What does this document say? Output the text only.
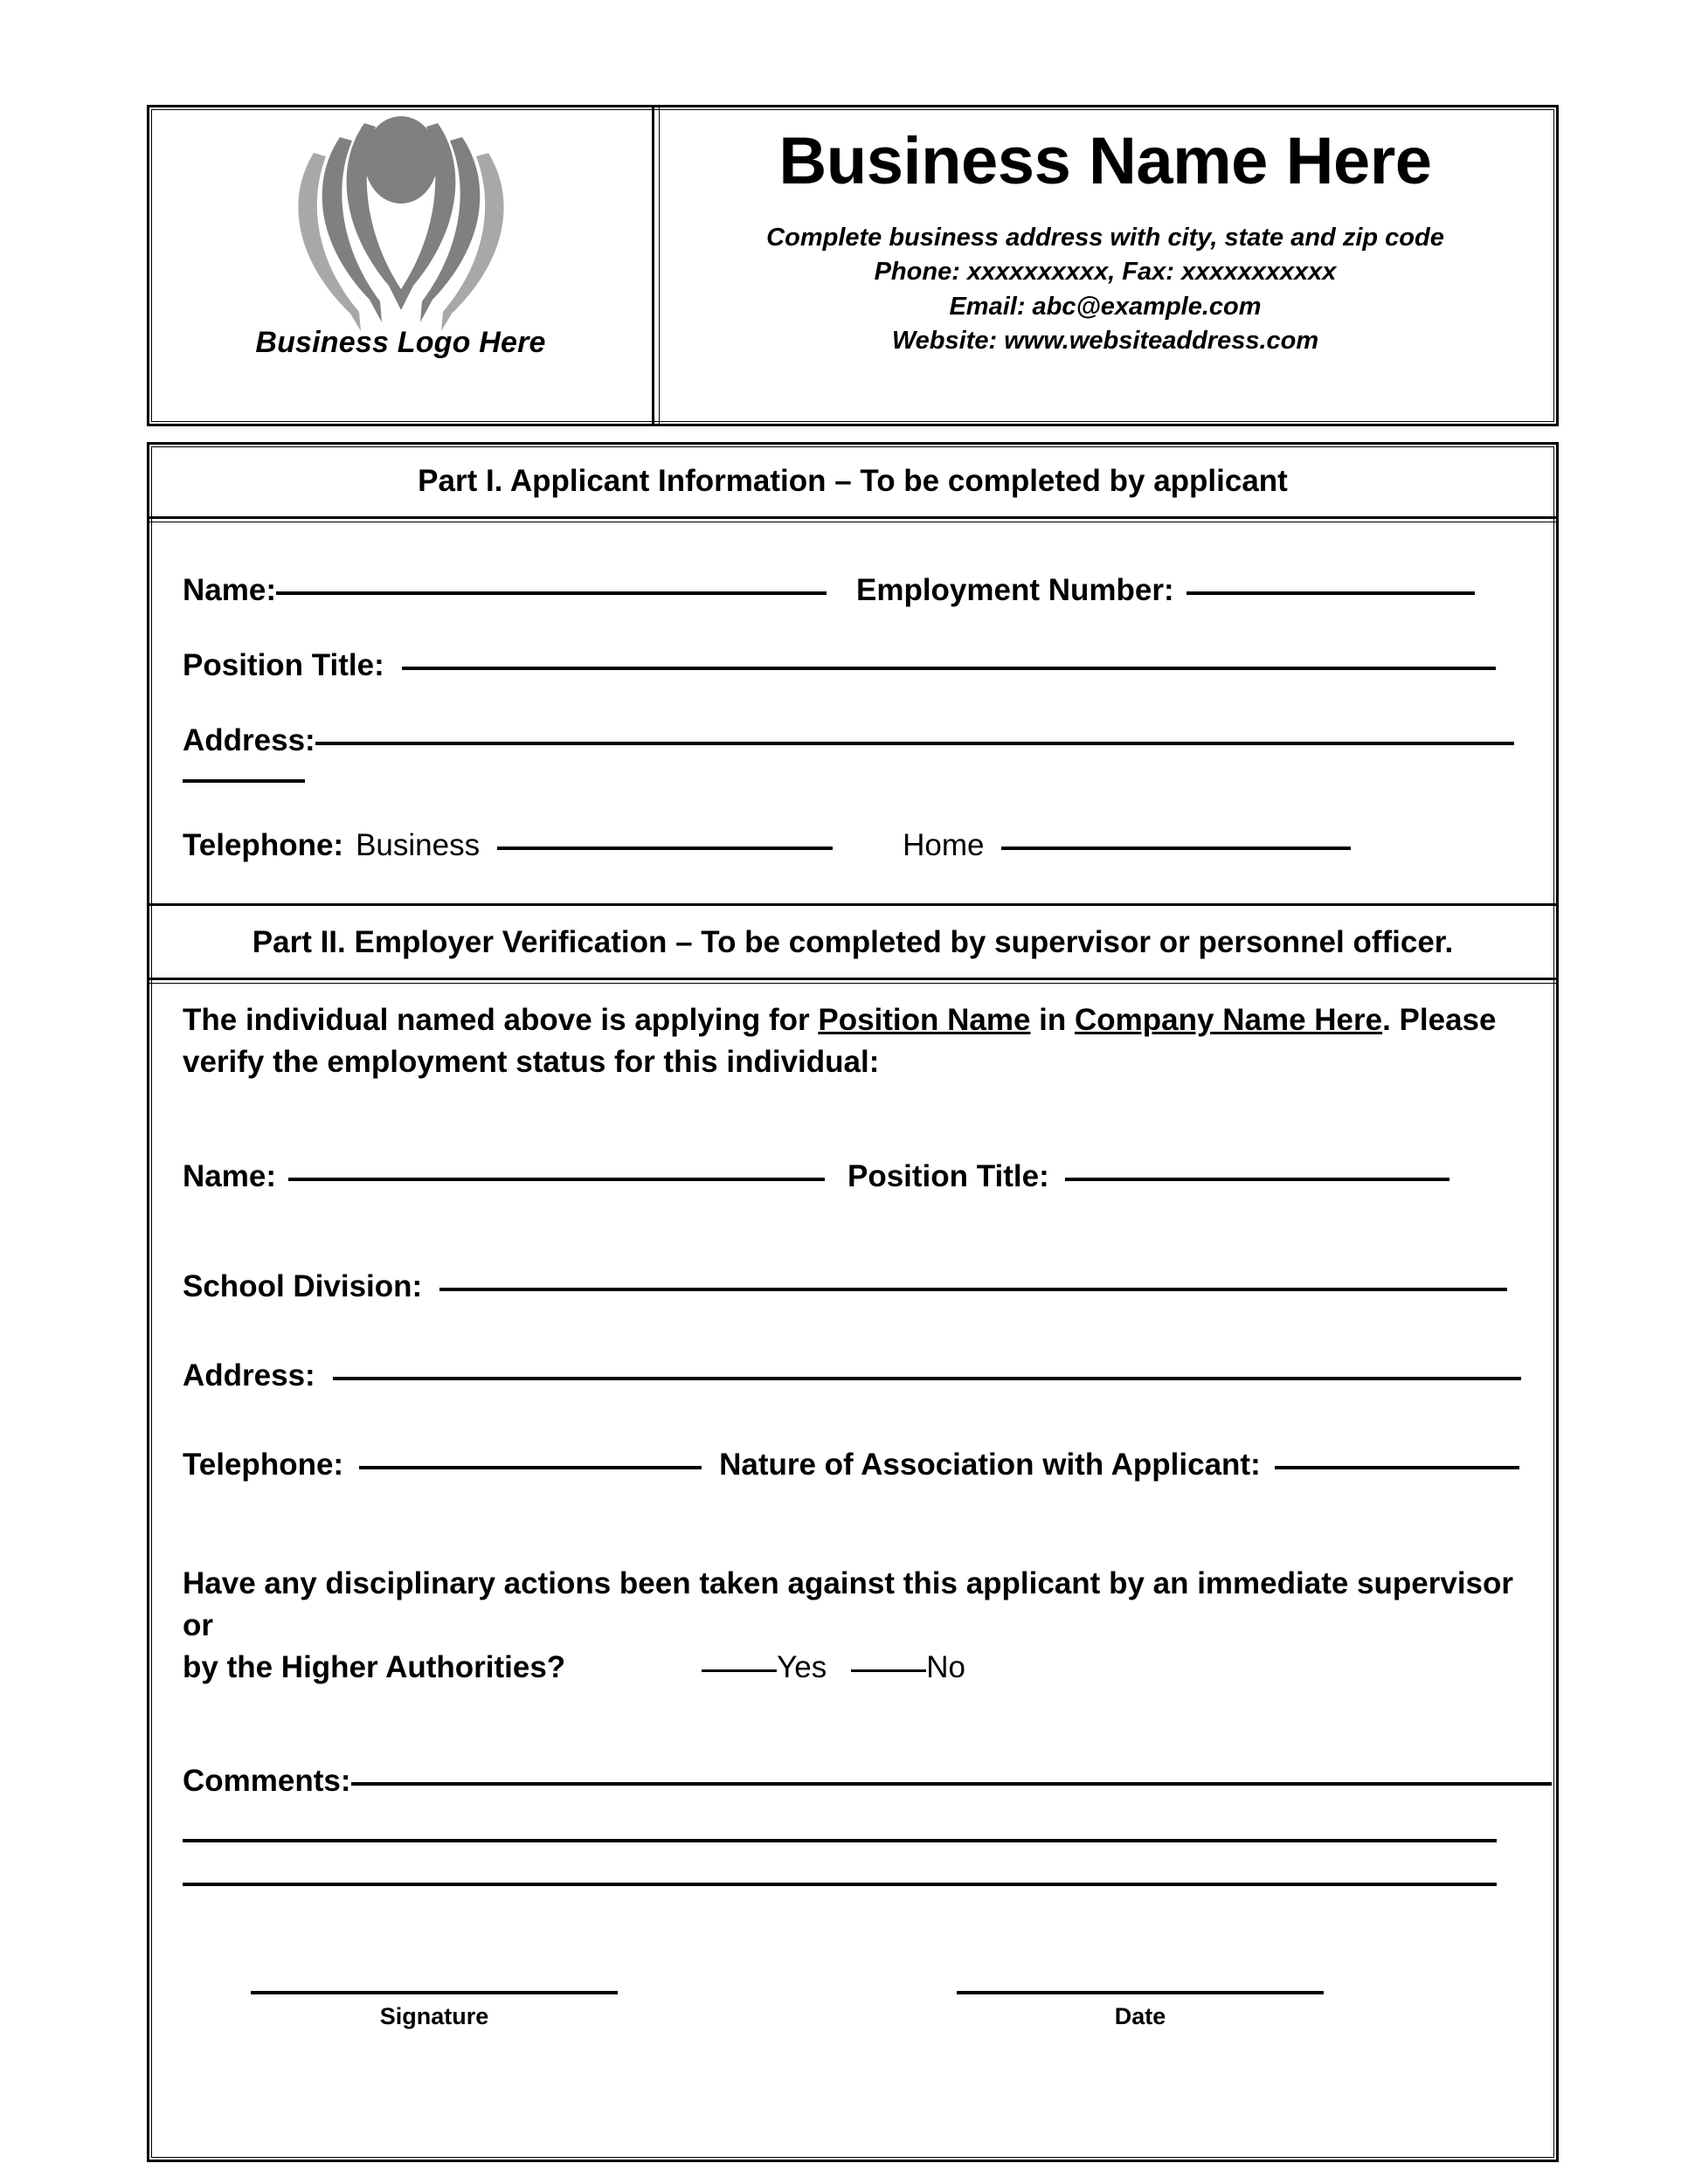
Business Logo Here
Business Name Here
Complete business address with city, state and zip code
Phone: xxxxxxxxxx, Fax: xxxxxxxxxxx
Email: abc@example.com
Website: www.websiteaddress.com
Part I. Applicant Information – To be completed by applicant
Name:	Employment Number:
Position Title:
Address:
Telephone: Business	Home
Part II. Employer Verification – To be completed by supervisor or personnel officer.
The individual named above is applying for Position Name in Company Name Here. Please verify the employment status for this individual:
Name:	Position Title:
School Division:
Address:
Telephone:	Nature of Association with Applicant:
Have any disciplinary actions been taken against this applicant by an immediate supervisor or
by the Higher Authorities?	Yes	No
Comments:
Signature	Date
